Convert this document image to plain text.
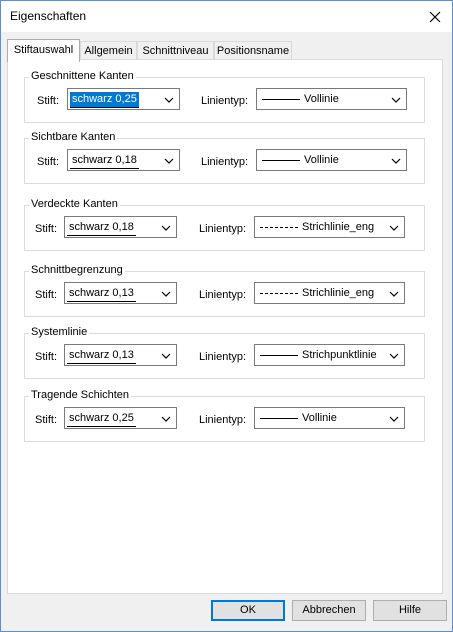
Eigenschaften
Stiftauswahl	Allgemein Schnittniveau Positionsname
Geschnittene Kanten
Stift: schwarz 0,25	Linientyp:	Vollinie
Sichtbare Kanten
Stift: schwarz 0,18	Linientyp:	Vollinie
Verdeckte Kanten
Stift: schwarz 0,18	Linientyp:	Strichlinie_eng
Schnittbegrenzung
Stift: schwarz 0,13	Linientyp:	Strichlinie_eng
Systemlinie
Stift: schwarz 0,13	Linientyp:	Strichpunktlinie
Tragende Schichten
Stift: schwarz 0,25	Linientyp:	Vollinie
OK	Abbrechen	Hilfe
